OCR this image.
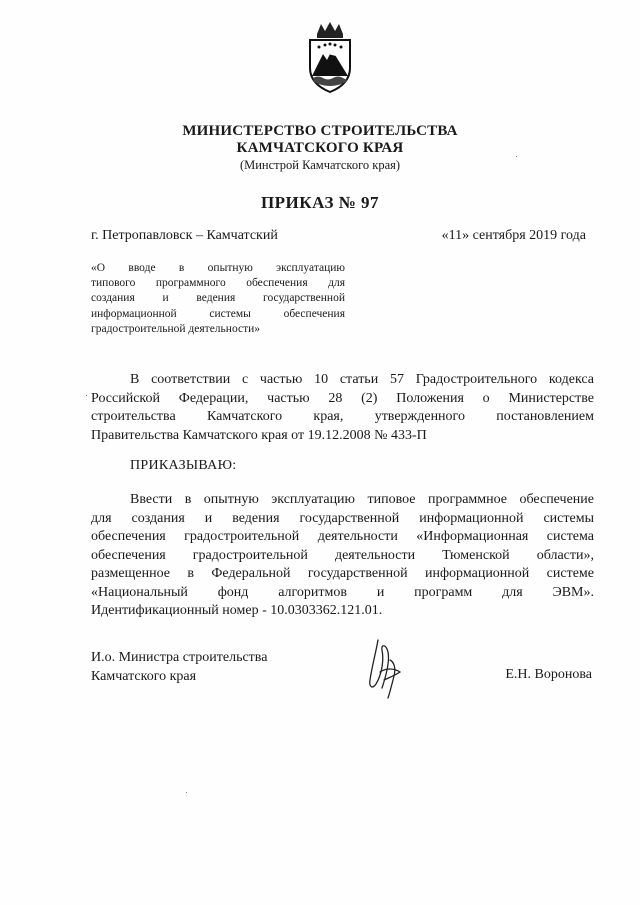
МИНИСТЕРСТВО СТРОИТЕЛЬСТВА
КАМЧАТСКОГО КРАЯ
(Минстрой Камчатского края)
ПРИКАЗ № 97
г. Петропавловск – Камчатский	«11» сентября 2019 года
«О вводе в опытную эксплуатацию
типового программного обеспечения для
создания и ведения государственной
информационной системы обеспечения
градостроительной деятельности»
В соответствии с частью 10 статьи 57 Градостроительного кодекса
Российской Федерации, частью 28 (2) Положения о Министерстве
строительства Камчатского края, утвержденного постановлением
Правительства Камчатского края от 19.12.2008 № 433-П
ПРИКАЗЫВАЮ:
Ввести в опытную эксплуатацию типовое программное обеспечение
для создания и ведения государственной информационной системы
обеспечения градостроительной деятельности «Информационная система
обеспечения градостроительной деятельности Тюменской области»,
размещенное в Федеральной государственной информационной системе
«Национальный фонд алгоритмов и программ для ЭВМ».
Идентификационный номер - 10.0303362.121.01.
И.о. Министра строительства
Камчатского края	Е.Н. Воронова
